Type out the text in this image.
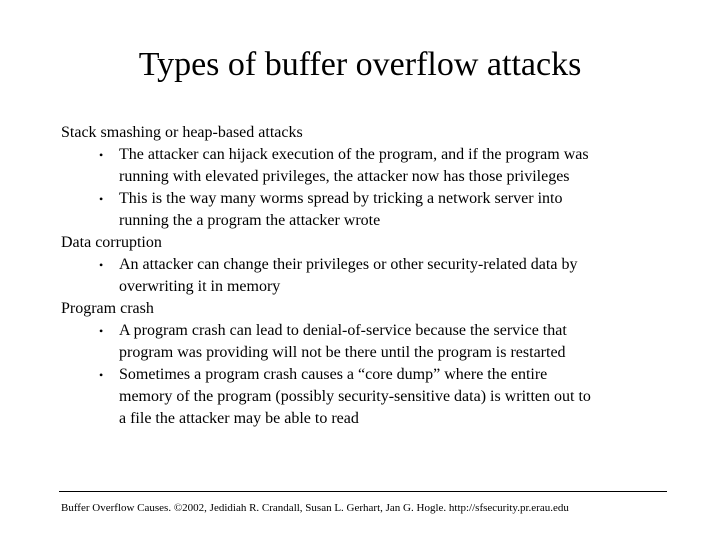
Types of buffer overflow attacks
Stack smashing or heap-based attacks
• The attacker can hijack execution of the program, and if the program was
running with elevated privileges, the attacker now has those privileges
• This is the way many worms spread by tricking a network server into
running the a program the attacker wrote
Data corruption
• An attacker can change their privileges or other security-related data by
overwriting it in memory
Program crash
• A program crash can lead to denial-of-service because the service that
program was providing will not be there until the program is restarted
• Sometimes a program crash causes a “core dump” where the entire
memory of the program (possibly security-sensitive data) is written out to
a file the attacker may be able to read
Buffer Overflow Causes. ©2002, Jedidiah R. Crandall, Susan L. Gerhart, Jan G. Hogle. http://sfsecurity.pr.erau.edu
